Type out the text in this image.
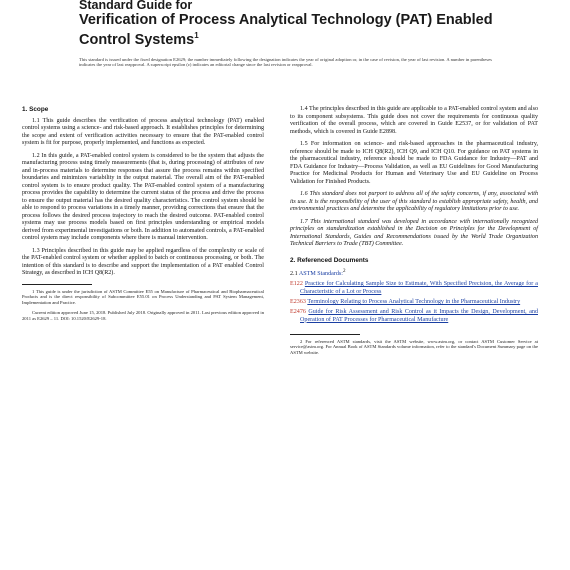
Standard Guide for
Verification of Process Analytical Technology (PAT) Enabled
Control Systems$^1$
This standard is issued under the fixed designation E2629; the number immediately following the designation indicates the year of original adoption or, in the case of revision, the year of last revision. A number in parentheses indicates the year of last reapproval. A superscript epsilon (ε) indicates an editorial change since the last revision or reapproval.
1. Scope

1.1 This guide describes the verification of process analytical technology (PAT) enabled control systems using a science- and risk-based approach. It establishes principles for determining the scope and extent of verification activities necessary to ensure that the PAT-enabled control system is fit for purpose, properly implemented, and functions as expected.

1.2 In this guide, a PAT-enabled control system is considered to be the system that adjusts the manufacturing process using timely measurements (that is, during processing) of attributes of raw and in-process materials to determine responses that assure the process remains within specified boundaries and minimizes variability in the output material. The overall aim of the PAT-enabled control system is to ensure product quality. The PAT-enabled control system of a manufacturing process provides the capability to determine the current status of the process and drive the process to ensure the output material has the desired quality characteristics. The control system should be able to respond to process variations in a timely manner, providing corrections that ensure that the process follows the desired process trajectory to reach the desired outcome. PAT-enabled control systems may use process models based on first principles understanding or empirical models derived from experimental investigations or both. In addition to automated controls, a PAT-enabled control system may include components where there is manual intervention.

1.3 Principles described in this guide may be applied regardless of the complexity or scale of the PAT-enabled control system or whether applied to batch or continuous processing, or both. The intention of this standard is to describe and support the implementation of a PAT enabled Control Strategy, as described in ICH Q8(R2).

1 This guide is under the jurisdiction of ASTM Committee E55 on Manufacture of Pharmaceutical and Biopharmaceutical Products and is the direct responsibility of Subcommittee E55.01 on Process Understanding and PAT System Management, Implementation and Practice.

Current edition approved June 15, 2018. Published July 2018. Originally approved in 2011. Last previous edition approved in 2011 as E2629 – 11. DOI: 10.1520/E2629-18.

1.4 The principles described in this guide are applicable to a PAT-enabled control system and also to its component subsystems. This guide does not cover the requirements for continuous quality verification of the overall process, which are covered in Guide E2537, or for validation of PAT methods, which is covered in Guide E2898.

1.5 For information on science- and risk-based approaches in the pharmaceutical industry, reference should be made to ICH Q8(R2), ICH Q9, and ICH Q10. For guidance on PAT systems in the pharmaceutical industry, reference should be made to FDA Guidance for Industry—PAT and FDA Guidance for Industry—Process Validation, as well as EU Guidelines for Good Manufacturing Practice for Medicinal Products for Human and Veterinary Use and EU Guideline on Process Validation for Finished Products.

1.6 This standard does not purport to address all of the safety concerns, if any, associated with its use. It is the responsibility of the user of this standard to establish appropriate safety, health, and environmental practices and determine the applicability of regulatory limitations prior to use.

1.7 This international standard was developed in accordance with internationally recognized principles on standardization established in the Decision on Principles for the Development of International Standards, Guides and Recommendations issued by the World Trade Organization Technical Barriers to Trade (TBT) Committee.

2. Referenced Documents
2.1 ASTM Standards:$^2$
E122 Practice for Calculating Sample Size to Estimate, With Specified Precision, the Average for a Characteristic of a Lot or Process
E2363 Terminology Relating to Process Analytical Technology in the Pharmaceutical Industry
E2476 Guide for Risk Assessment and Risk Control as it Impacts the Design, Development, and Operation of PAT Processes for Pharmaceutical Manufacture

2 For referenced ASTM standards, visit the ASTM website, www.astm.org, or contact ASTM Customer Service at service@astm.org. For Annual Book of ASTM Standards volume information, refer to the standard's Document Summary page on the ASTM website.
